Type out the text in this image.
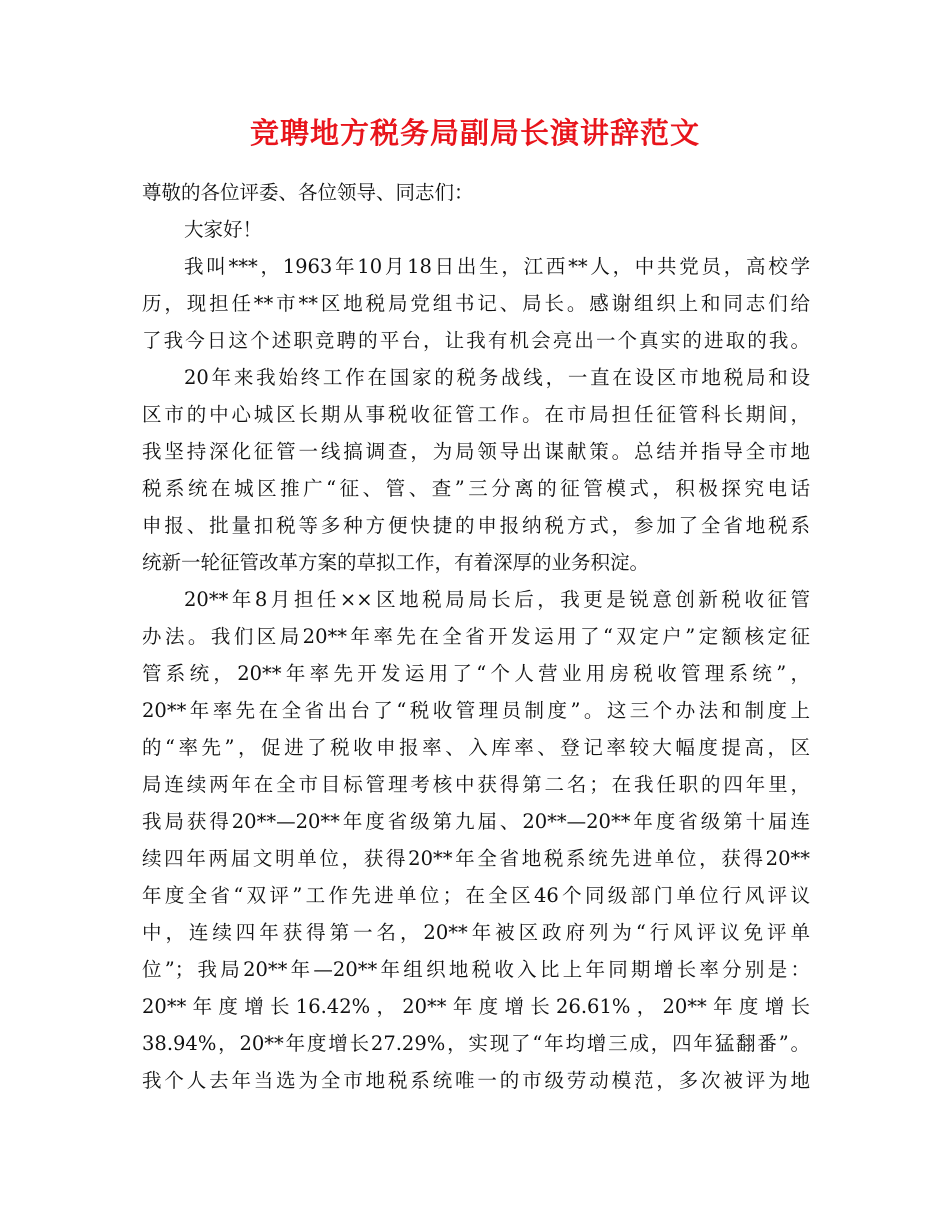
竞聘地方税务局副局长演讲辞范文
尊敬的各位评委、各位领导、同志们：
大家好！
我叫***，1963年10月18日出生，江西**人，中共党员，高校学
历，现担任**市**区地税局党组书记、局长。感谢组织上和同志们给
了我今日这个述职竞聘的平台，让我有机会亮出一个真实的进取的我。
20年来我始终工作在国家的税务战线，一直在设区市地税局和设
区市的中心城区长期从事税收征管工作。在市局担任征管科长期间，
我坚持深化征管一线搞调查，为局领导出谋献策。总结并指导全市地
税系统在城区推广“征、管、查”三分离的征管模式，积极探究电话
申报、批量扣税等多种方便快捷的申报纳税方式，参加了全省地税系
统新一轮征管改革方案的草拟工作，有着深厚的业务积淀。
20**年8月担任××区地税局局长后，我更是锐意创新税收征管
办法。我们区局20**年率先在全省开发运用了“双定户”定额核定征
管系统，20**年率先开发运用了“个人营业用房税收管理系统”，
20**年率先在全省出台了“税收管理员制度”。这三个办法和制度上
的“率先”，促进了税收申报率、入库率、登记率较大幅度提高，区
局连续两年在全市目标管理考核中获得第二名；在我任职的四年里，
我局获得20**—20**年度省级第九届、20**—20**年度省级第十届连
续四年两届文明单位，获得20**年全省地税系统先进单位，获得20**
年度全省“双评”工作先进单位；在全区46个同级部门单位行风评议
中，连续四年获得第一名，20**年被区政府列为“行风评议免评单
位”；我局20**年—20**年组织地税收入比上年同期增长率分别是：
20**年度增长16.42%，20**年度增长26.61%，20**年度增长
38.94%，20**年度增长27.29%，实现了“年均增三成，四年猛翻番”。
我个人去年当选为全市地税系统唯一的市级劳动模范，多次被评为地
